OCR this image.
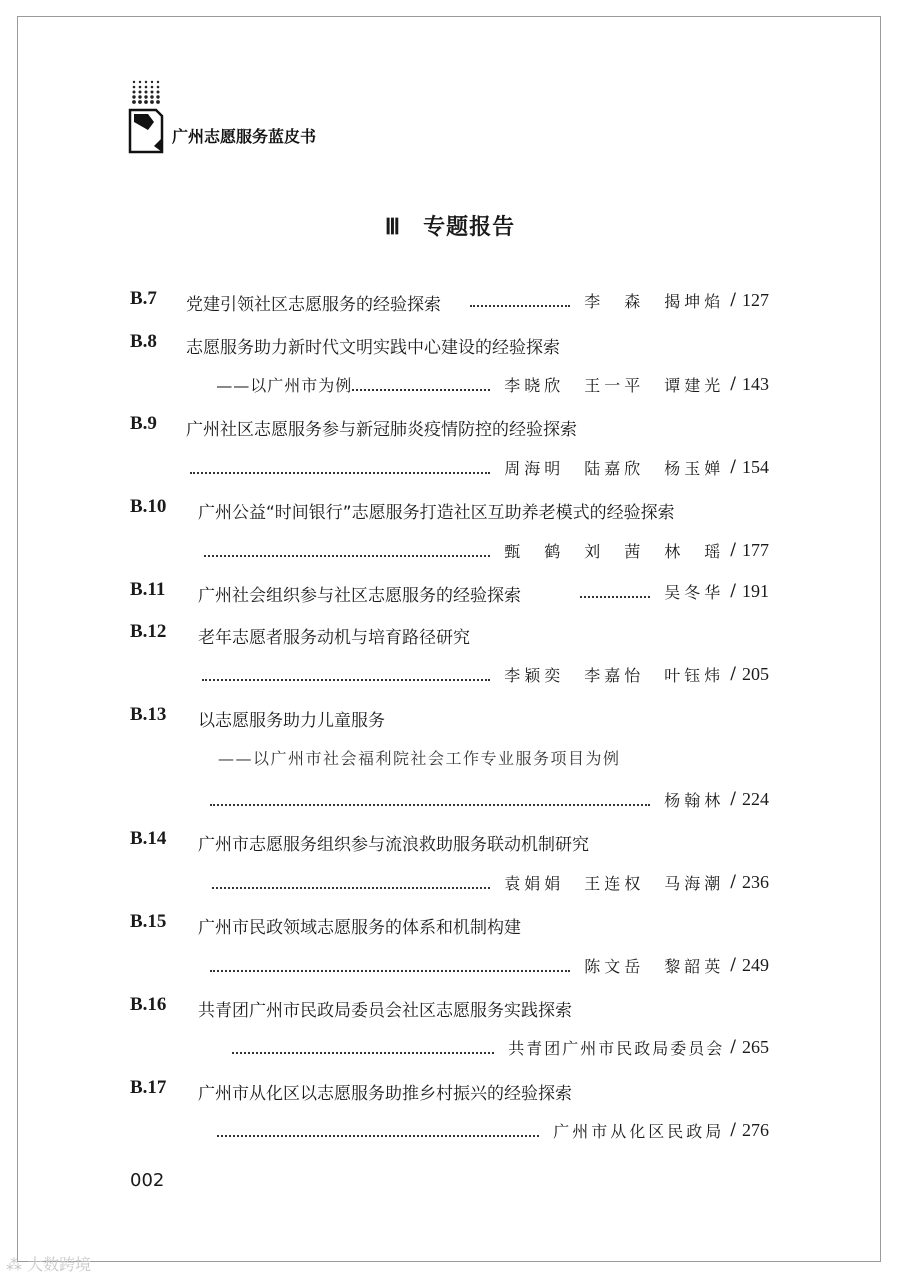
广州志愿服务蓝皮书
Ⅲ 专题报告
B.7 党建引领社区志愿服务的经验探索	李　森　揭坤焰 / 127
B.8 志愿服务助力新时代文明实践中心建设的经验探索
——以广州市为例	李晓欣　王一平　谭建光 / 143
B.9 广州社区志愿服务参与新冠肺炎疫情防控的经验探索
周海明　陆嘉欣　杨玉婵 / 154
B.10 广州公益“时间银行”志愿服务打造社区互助养老模式的经验探索
甄　鹤　刘　茜　林　瑶 / 177
B.11 广州社会组织参与社区志愿服务的经验探索	吴冬华 / 191
B.12 老年志愿者服务动机与培育路径研究
李颖奕　李嘉怡　叶钰炜 / 205
B.13 以志愿服务助力儿童服务
——以广州市社会福利院社会工作专业服务项目为例
杨翰林 / 224
B.14 广州市志愿服务组织参与流浪救助服务联动机制研究
袁娟娟　王连权　马海潮 / 236
B.15 广州市民政领域志愿服务的体系和机制构建
陈文岳　黎韶英 / 249
B.16 共青团广州市民政局委员会社区志愿服务实践探索
共青团广州市民政局委员会 / 265
B.17 广州市从化区以志愿服务助推乡村振兴的经验探索
广州市从化区民政局 / 276
002
⁂ 大数跨境
